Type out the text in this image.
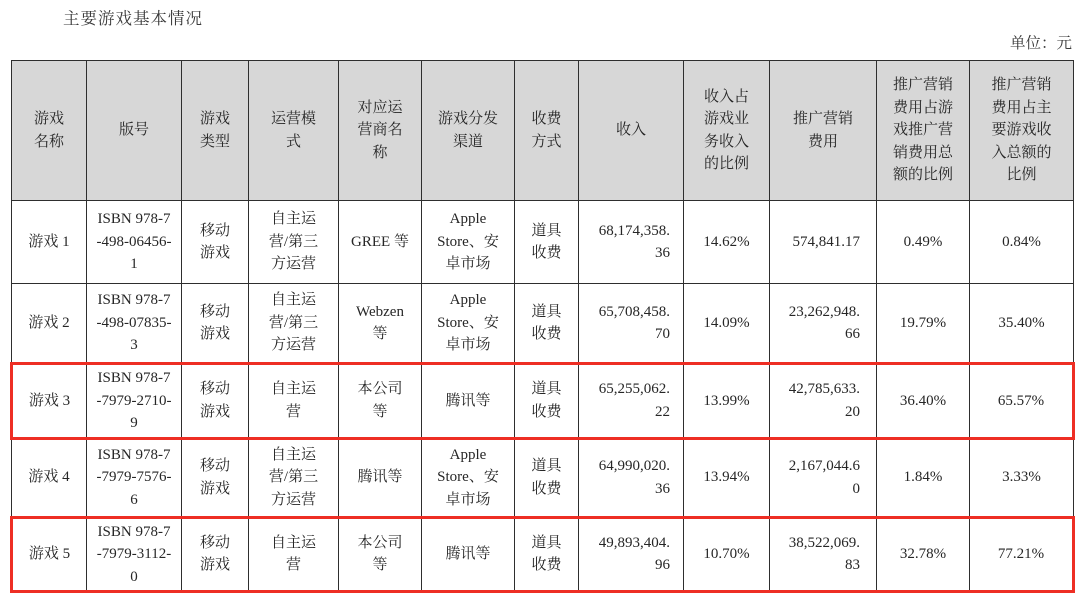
主要游戏基本情况
单位：元
游戏名称	版号	游戏类型	运营模式	对应运营商名称	游戏分发渠道	收费方式	收入	收入占游戏业务收入的比例	推广营销费用	推广营销费用占游戏推广营销费用总额的比例	推广营销费用占主要游戏收入总额的比例
游戏 1	ISBN 978-7-498-06456-1	移动游戏	自主运营/第三方运营	GREE 等	Apple Store、安卓市场	道具收费	68,174,358.36	14.62%	574,841.17	0.49%	0.84%
游戏 2	ISBN 978-7-498-07835-3	移动游戏	自主运营/第三方运营	Webzen 等	Apple Store、安卓市场	道具收费	65,708,458.70	14.09%	23,262,948.66	19.79%	35.40%
游戏 3	ISBN 978-7-7979-2710-9	移动游戏	自主运营	本公司等	腾讯等	道具收费	65,255,062.22	13.99%	42,785,633.20	36.40%	65.57%
游戏 4	ISBN 978-7-7979-7576-6	移动游戏	自主运营/第三方运营	腾讯等	Apple Store、安卓市场	道具收费	64,990,020.36	13.94%	2,167,044.60	1.84%	3.33%
游戏 5	ISBN 978-7-7979-3112-0	移动游戏	自主运营	本公司等	腾讯等	道具收费	49,893,404.96	10.70%	38,522,069.83	32.78%	77.21%
